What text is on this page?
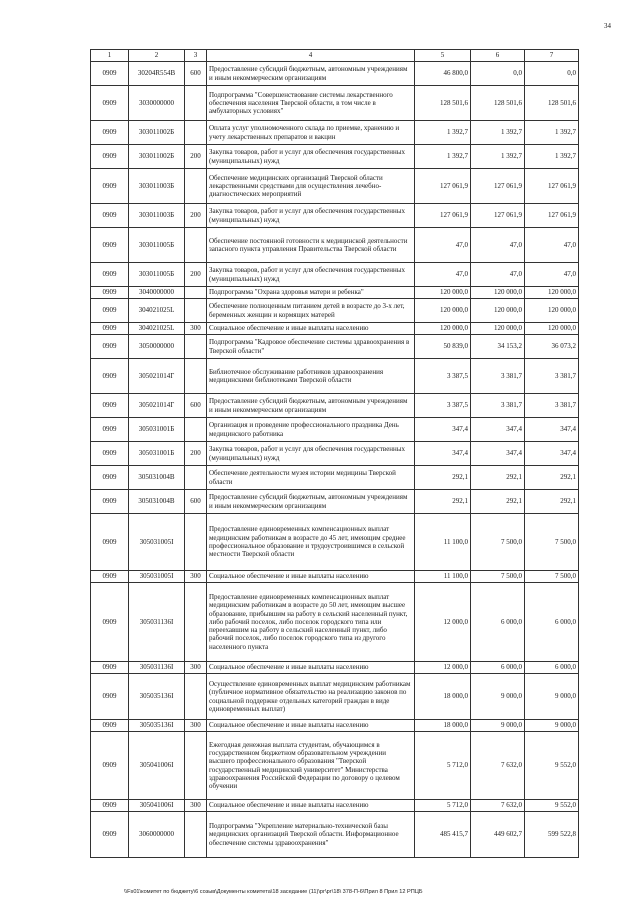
34
1	2	3	4	5	6	7
0909	30204R554B	600	Предоставление субсидий бюджетным, автономным учреждениям и иным некоммерческим организациям	46 800,0	0,0	0,0
0909	3030000000		Подпрограмма "Совершенствование системы лекарственного обеспечения населения Тверской области, в том числе в амбулаторных условиях"	128 501,6	128 501,6	128 501,6
0909	303011002Б		Оплата услуг уполномоченного склада по приемке, хранению и учету лекарственных препаратов и вакцин	1 392,7	1 392,7	1 392,7
0909	303011002Б	200	Закупка товаров, работ и услуг для обеспечения государственных (муниципальных) нужд	1 392,7	1 392,7	1 392,7
0909	303011003Б		Обеспечение медицинских организаций Тверской области лекарственными средствами для осуществления лечебно-диагностических мероприятий	127 061,9	127 061,9	127 061,9
0909	303011003Б	200	Закупка товаров, работ и услуг для обеспечения государственных (муниципальных) нужд	127 061,9	127 061,9	127 061,9
0909	303011005Б		Обеспечение постоянной готовности к медицинской деятельности запасного пункта управления Правительства Тверской области	47,0	47,0	47,0
0909	303011005Б	200	Закупка товаров, работ и услуг для обеспечения государственных (муниципальных) нужд	47,0	47,0	47,0
0909	3040000000		Подпрограмма "Охрана здоровья матери и ребенка"	120 000,0	120 000,0	120 000,0
0909	304021025L		Обеспечение полноценным питанием детей в возрасте до 3-х лет, беременных женщин и кормящих матерей	120 000,0	120 000,0	120 000,0
0909	304021025L	300	Социальное обеспечение и иные выплаты населению	120 000,0	120 000,0	120 000,0
0909	3050000000		Подпрограмма "Кадровое обеспечение системы здравоохранения в Тверской области"	50 839,0	34 153,2	36 073,2
0909	305021014Г		Библиотечное обслуживание работников здравоохранения медицинскими библиотеками Тверской области	3 387,5	3 381,7	3 381,7
0909	305021014Г	600	Предоставление субсидий бюджетным, автономным учреждениям и иным некоммерческим организациям	3 387,5	3 381,7	3 381,7
0909	305031001Б		Организация и проведение профессионального праздника День медицинского работника	347,4	347,4	347,4
0909	305031001Б	200	Закупка товаров, работ и услуг для обеспечения государственных (муниципальных) нужд	347,4	347,4	347,4
0909	305031004В		Обеспечение деятельности музея истории медицины Тверской области	292,1	292,1	292,1
0909	305031004В	600	Предоставление субсидий бюджетным, автономным учреждениям и иным некоммерческим организациям	292,1	292,1	292,1
0909	305031005I		Предоставление единовременных компенсационных выплат медицинским работникам в возрасте до 45 лет, имеющим среднее профессиональное образование и трудоустроившимся в сельской местности Тверской области	11 100,0	7 500,0	7 500,0
0909	305031005I	300	Социальное обеспечение и иные выплаты населению	11 100,0	7 500,0	7 500,0
0909	305031136I		Предоставление единовременных компенсационных выплат медицинским работникам в возрасте до 50 лет, имеющим высшее образование, прибывшим на работу в сельский населенный пункт, либо рабочий поселок, либо поселок городского типа или переехавшим на работу в сельский населенный пункт, либо рабочий поселок, либо поселок городского типа из другого населенного пункта	12 000,0	6 000,0	6 000,0
0909	305031136I	300	Социальное обеспечение и иные выплаты населению	12 000,0	6 000,0	6 000,0
0909	305035136I		Осуществление единовременных выплат медицинским работникам (публичное нормативное обязательство на реализацию законов по социальной поддержке отдельных категорий граждан в виде единовременных выплат)	18 000,0	9 000,0	9 000,0
0909	305035136I	300	Социальное обеспечение и иные выплаты населению	18 000,0	9 000,0	9 000,0
0909	305041006I		Ежегодная денежная выплата студентам, обучающимся в государственном бюджетном образовательном учреждении высшего профессионального образования "Тверской государственный медицинский университет" Министерства здравоохранения Российской Федерации по договору о целевом обучении	5 712,0	7 632,0	9 552,0
0909	305041006I	300	Социальное обеспечение и иные выплаты населению	5 712,0	7 632,0	9 552,0
0909	3060000000		Подпрограмма "Укрепление материально-технической базы медицинских организаций Тверской области. Информационное обеспечение системы здравоохранения"	485 415,7	449 602,7	599 522,8
\\Fs01\комитет по бюджету\6 созыв\Документы комитета\18 заседание (11)\рг\рг\18\ 378-П-6\Прил 8 Прил 12 РПЦБ
